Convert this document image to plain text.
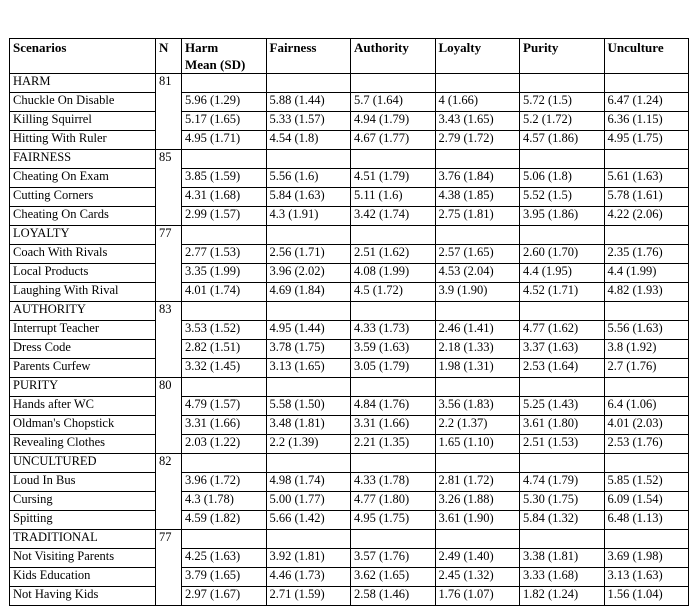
Scenarios	N	Harm
Mean (SD)	Fairness	Authority	Loyalty	Purity	Unculture
HARM	81						
Chuckle On Disable		5.96 (1.29)	5.88 (1.44)	5.7 (1.64)	4 (1.66)	5.72 (1.5)	6.47 (1.24)
Killing Squirrel		5.17 (1.65)	5.33 (1.57)	4.94 (1.79)	3.43 (1.65)	5.2 (1.72)	6.36 (1.15)
Hitting With Ruler		4.95 (1.71)	4.54 (1.8)	4.67 (1.77)	2.79 (1.72)	4.57 (1.86)	4.95 (1.75)
FAIRNESS	85						
Cheating On Exam		3.85 (1.59)	5.56 (1.6)	4.51 (1.79)	3.76 (1.84)	5.06 (1.8)	5.61 (1.63)
Cutting Corners		4.31 (1.68)	5.84 (1.63)	5.11 (1.6)	4.38 (1.85)	5.52 (1.5)	5.78 (1.61)
Cheating On Cards		2.99 (1.57)	4.3 (1.91)	3.42 (1.74)	2.75 (1.81)	3.95 (1.86)	4.22 (2.06)
LOYALTY	77						
Coach With Rivals		2.77 (1.53)	2.56 (1.71)	2.51 (1.62)	2.57 (1.65)	2.60 (1.70)	2.35 (1.76)
Local Products		3.35 (1.99)	3.96 (2.02)	4.08 (1.99)	4.53 (2.04)	4.4 (1.95)	4.4 (1.99)
Laughing With Rival		4.01 (1.74)	4.69 (1.84)	4.5 (1.72)	3.9 (1.90)	4.52 (1.71)	4.82 (1.93)
AUTHORITY	83						
Interrupt Teacher		3.53 (1.52)	4.95 (1.44)	4.33 (1.73)	2.46 (1.41)	4.77 (1.62)	5.56 (1.63)
Dress Code		2.82 (1.51)	3.78 (1.75)	3.59 (1.63)	2.18 (1.33)	3.37 (1.63)	3.8 (1.92)
Parents Curfew		3.32 (1.45)	3.13 (1.65)	3.05 (1.79)	1.98 (1.31)	2.53 (1.64)	2.7 (1.76)
PURITY	80						
Hands after WC		4.79 (1.57)	5.58 (1.50)	4.84 (1.76)	3.56 (1.83)	5.25 (1.43)	6.4 (1.06)
Oldman's Chopstick		3.31 (1.66)	3.48 (1.81)	3.31 (1.66)	2.2 (1.37)	3.61 (1.80)	4.01 (2.03)
Revealing Clothes		2.03 (1.22)	2.2 (1.39)	2.21 (1.35)	1.65 (1.10)	2.51 (1.53)	2.53 (1.76)
UNCULTURED	82						
Loud In Bus		3.96 (1.72)	4.98 (1.74)	4.33 (1.78)	2.81 (1.72)	4.74 (1.79)	5.85 (1.52)
Cursing		4.3 (1.78)	5.00 (1.77)	4.77 (1.80)	3.26 (1.88)	5.30 (1.75)	6.09 (1.54)
Spitting		4.59 (1.82)	5.66 (1.42)	4.95 (1.75)	3.61 (1.90)	5.84 (1.32)	6.48 (1.13)
TRADITIONAL	77						
Not Visiting Parents		4.25 (1.63)	3.92 (1.81)	3.57 (1.76)	2.49 (1.40)	3.38 (1.81)	3.69 (1.98)
Kids Education		3.79 (1.65)	4.46 (1.73)	3.62 (1.65)	2.45 (1.32)	3.33 (1.68)	3.13 (1.63)
Not Having Kids		2.97 (1.67)	2.71 (1.59)	2.58 (1.46)	1.76 (1.07)	1.82 (1.24)	1.56 (1.04)
